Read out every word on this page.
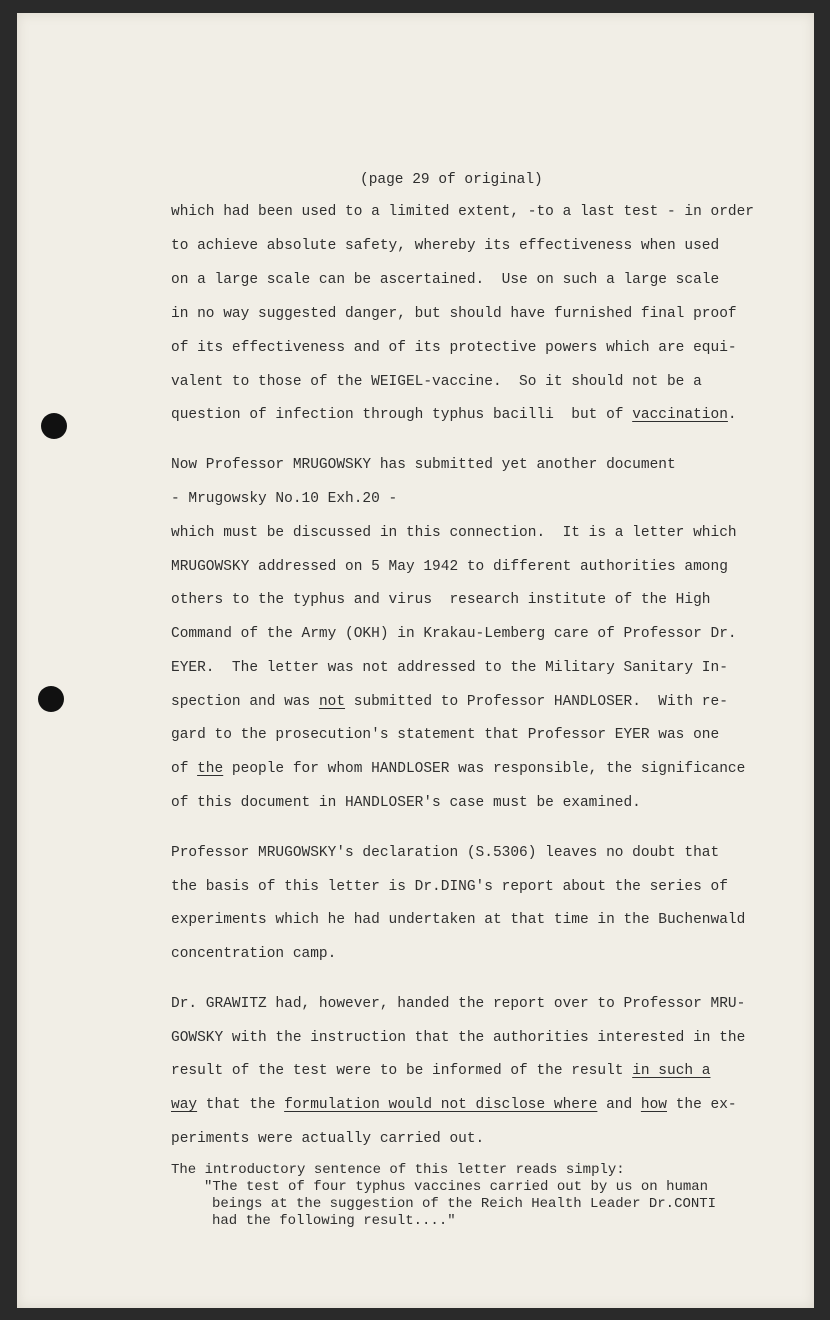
(page 29 of original)
which had been used to a limited extent, -to a last test - in order
to achieve absolute safety, whereby its effectiveness when used
on a large scale can be ascertained.  Use on such a large scale
in no way suggested danger, but should have furnished final proof
of its effectiveness and of its protective powers which are equi-
valent to those of the WEIGEL-vaccine.  So it should not be a
question of infection through typhus bacilli  but of vaccination.
Now Professor MRUGOWSKY has submitted yet another document
- Mrugowsky No.10 Exh.20 -
which must be discussed in this connection.  It is a letter which
MRUGOWSKY addressed on 5 May 1942 to different authorities among
others to the typhus and virus  research institute of the High
Command of the Army (OKH) in Krakau-Lemberg care of Professor Dr.
EYER.  The letter was not addressed to the Military Sanitary In-
spection and was not submitted to Professor HANDLOSER.  With re-
gard to the prosecution's statement that Professor EYER was one
of the people for whom HANDLOSER was responsible, the significance
of this document in HANDLOSER's case must be examined.
Professor MRUGOWSKY's declaration (S.5306) leaves no doubt that
the basis of this letter is Dr.DING's report about the series of
experiments which he had undertaken at that time in the Buchenwald
concentration camp.
Dr. GRAWITZ had, however, handed the report over to Professor MRU-
GOWSKY with the instruction that the authorities interested in the
result of the test were to be informed of the result in such a
way that the formulation would not disclose where and how the ex-
periments were actually carried out.
The introductory sentence of this letter reads simply:
"The test of four typhus vaccines carried out by us on human
beings at the suggestion of the Reich Health Leader Dr.CONTI
had the following result...."
